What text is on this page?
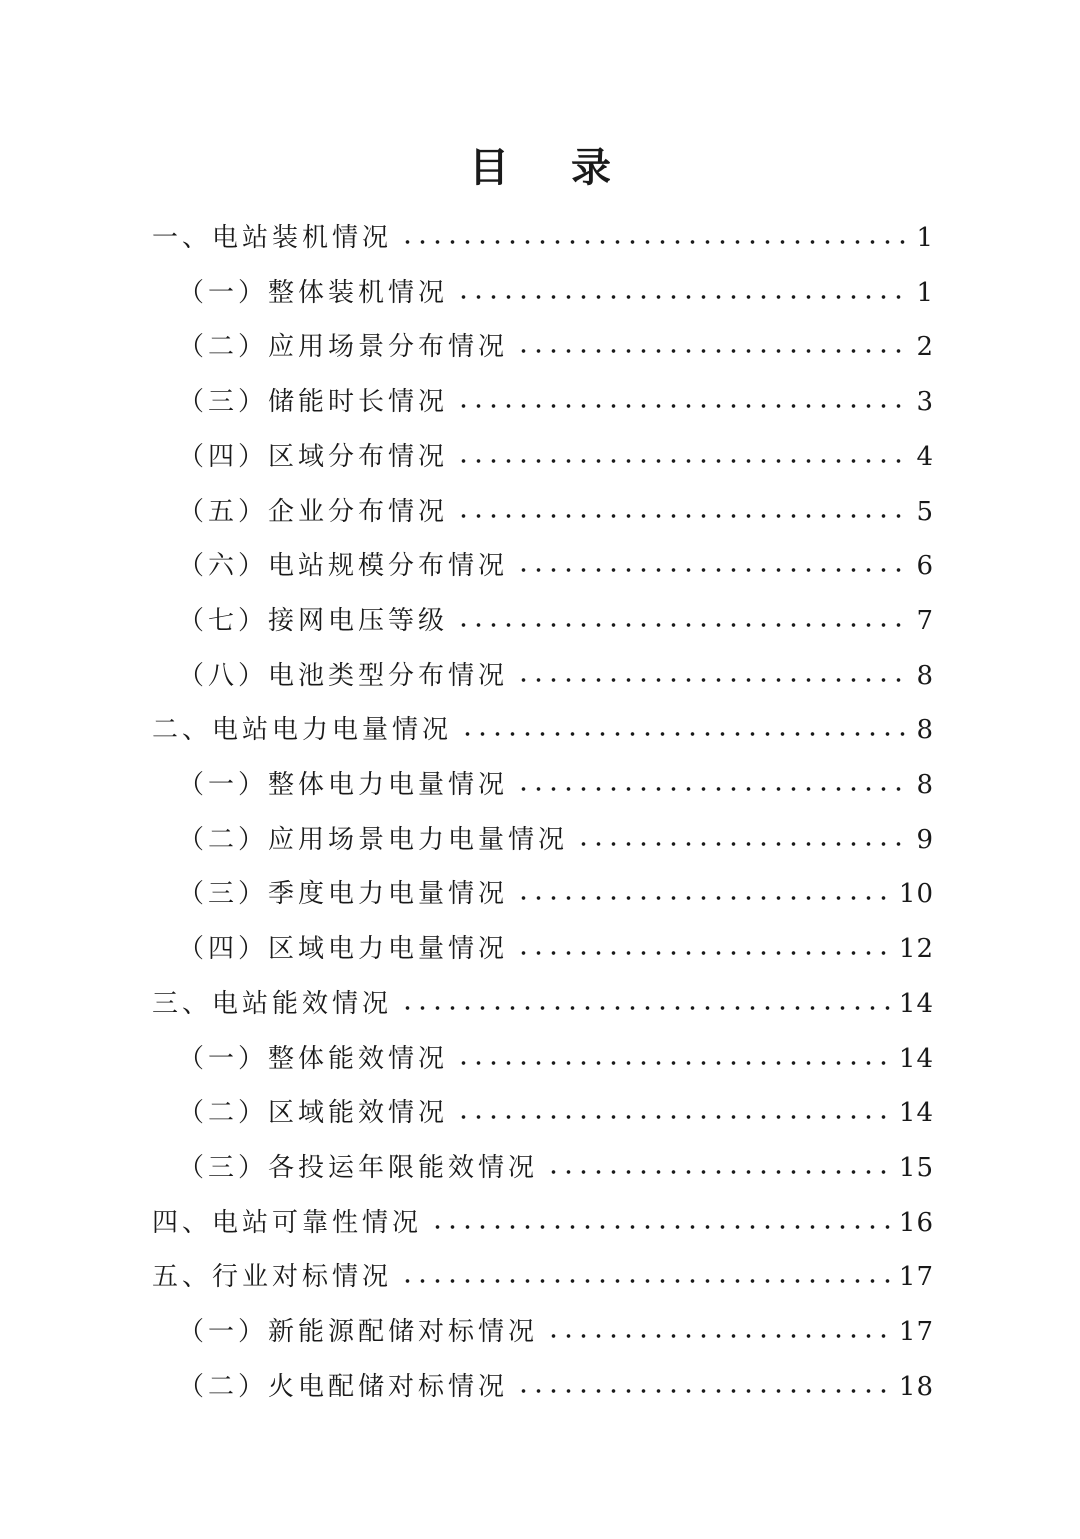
目 录
一、 电站装机情况	1
（一） 整体装机情况	1
（二） 应用场景分布情况	2
（三） 储能时长情况	3
（四） 区域分布情况	4
（五） 企业分布情况	5
（六） 电站规模分布情况	6
（七） 接网电压等级	7
（八） 电池类型分布情况	8
二、 电站电力电量情况	8
（一） 整体电力电量情况	8
（二） 应用场景电力电量情况	9
（三） 季度电力电量情况	10
（四） 区域电力电量情况	12
三、 电站能效情况	14
（一） 整体能效情况	14
（二） 区域能效情况	14
（三） 各投运年限能效情况	15
四、 电站可靠性情况	16
五、 行业对标情况	17
（一） 新能源配储对标情况	17
（二） 火电配储对标情况	18
